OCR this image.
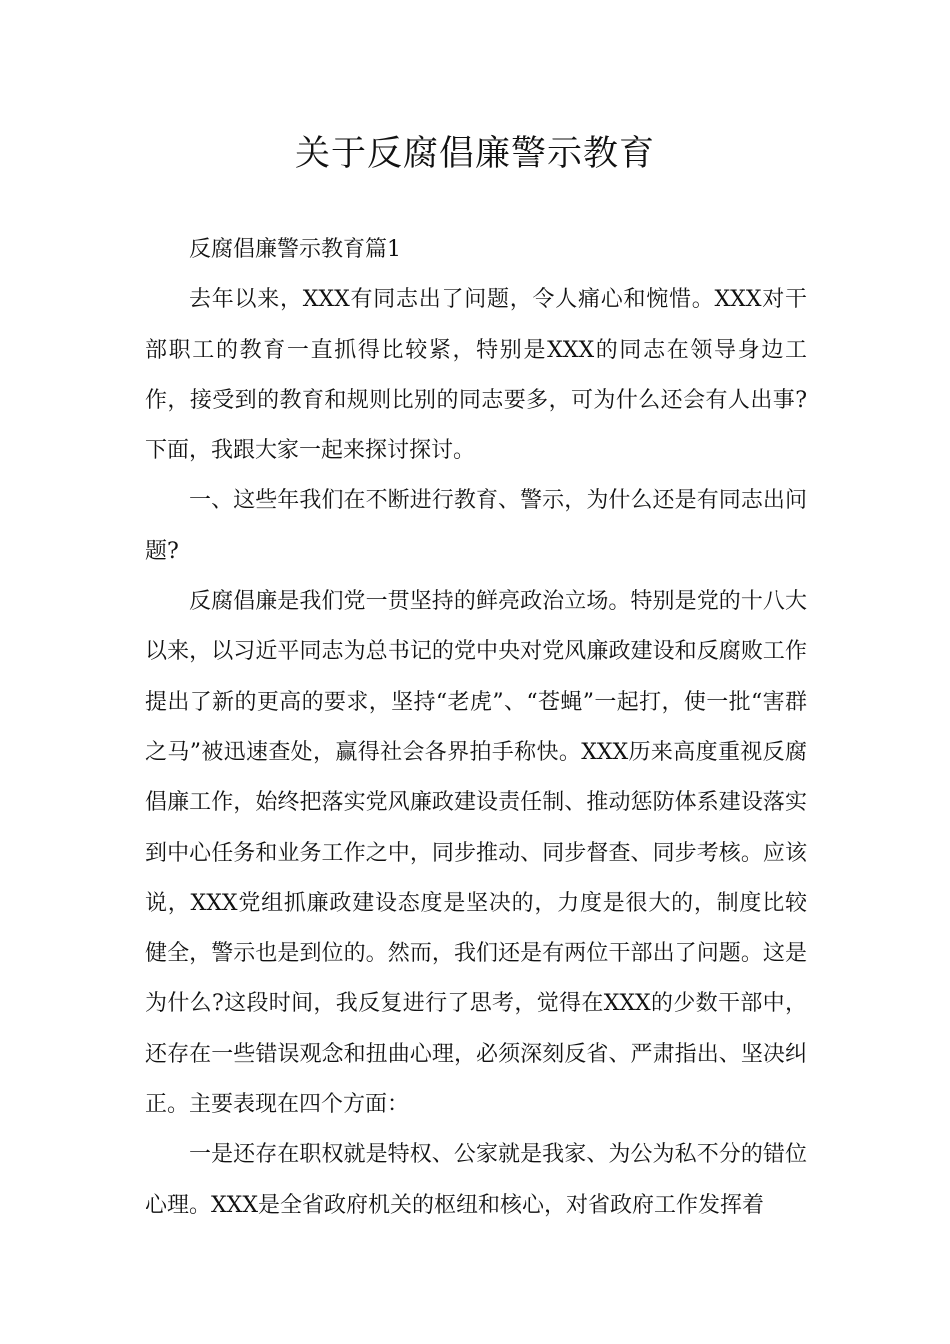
关于反腐倡廉警示教育

反腐倡廉警示教育篇1

去年以来，XXX有同志出了问题，令人痛心和惋惜。XXX对干部职工的教育一直抓得比较紧，特别是XXX的同志在领导身边工作，接受到的教育和规则比别的同志要多，可为什么还会有人出事?下面，我跟大家一起来探讨探讨。

一、这些年我们在不断进行教育、警示，为什么还是有同志出问题?

反腐倡廉是我们党一贯坚持的鲜亮政治立场。特别是党的十八大以来，以习近平同志为总书记的党中央对党风廉政建设和反腐败工作提出了新的更高的要求，坚持“老虎”、“苍蝇”一起打，使一批“害群之马”被迅速查处，赢得社会各界拍手称快。XXX历来高度重视反腐倡廉工作，始终把落实党风廉政建设责任制、推动惩防体系建设落实到中心任务和业务工作之中，同步推动、同步督查、同步考核。应该说，XXX党组抓廉政建设态度是坚决的，力度是很大的，制度比较健全，警示也是到位的。然而，我们还是有两位干部出了问题。这是为什么?这段时间，我反复进行了思考，觉得在XXX的少数干部中，还存在一些错误观念和扭曲心理，必须深刻反省、严肃指出、坚决纠正。主要表现在四个方面：

一是还存在职权就是特权、公家就是我家、为公为私不分的错位心理。XXX是全省政府机关的枢纽和核心，对省政府工作发挥着
